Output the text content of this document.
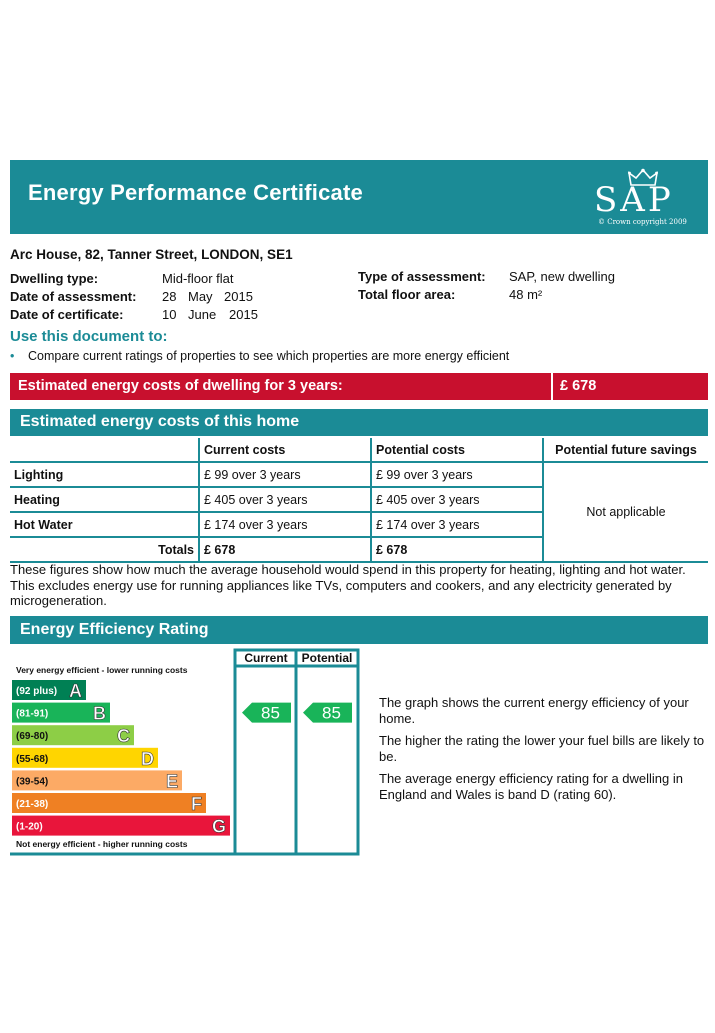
Energy Performance Certificate	SAP
© Crown copyright 2009
Arc House, 82, Tanner Street, LONDON, SE1
Dwelling type:	Mid-floor flat
Date of assessment: 28 May 2015
Date of certificate:	10 June 2015
Type of assessment: SAP, new dwelling
Total floor area:	48 m²
Use this document to:
• Compare current ratings of properties to see which properties are more energy efficient
Estimated energy costs of dwelling for 3 years:	£ 678
Estimated energy costs of this home
	Current costs	Potential costs	Potential future savings
Lighting	£ 99 over 3 years	£ 99 over 3 years	Not applicable
Heating	£ 405 over 3 years	£ 405 over 3 years	
Hot Water	£ 174 over 3 years	£ 174 over 3 years	
Totals	£ 678	£ 678	
These figures show how much the average household would spend in this property for heating, lighting and hot water. This excludes energy use for running appliances like TVs, computers and cookers, and any electricity generated by microgeneration.
Energy Efficiency Rating
Current Potential
Very energy efficient - lower running costs
Not energy efficient - higher running costs
(92 plus) A
(81-91) B
(69-80)	C
(55-68)	D
(39-54)	E
(21-38)	F
(1-20)	G
85 85

The graph shows the current energy efficiency of your home.

The higher the rating the lower your fuel bills are likely to be.

The average energy efficiency rating for a dwelling in England and Wales is band D (rating 60).
